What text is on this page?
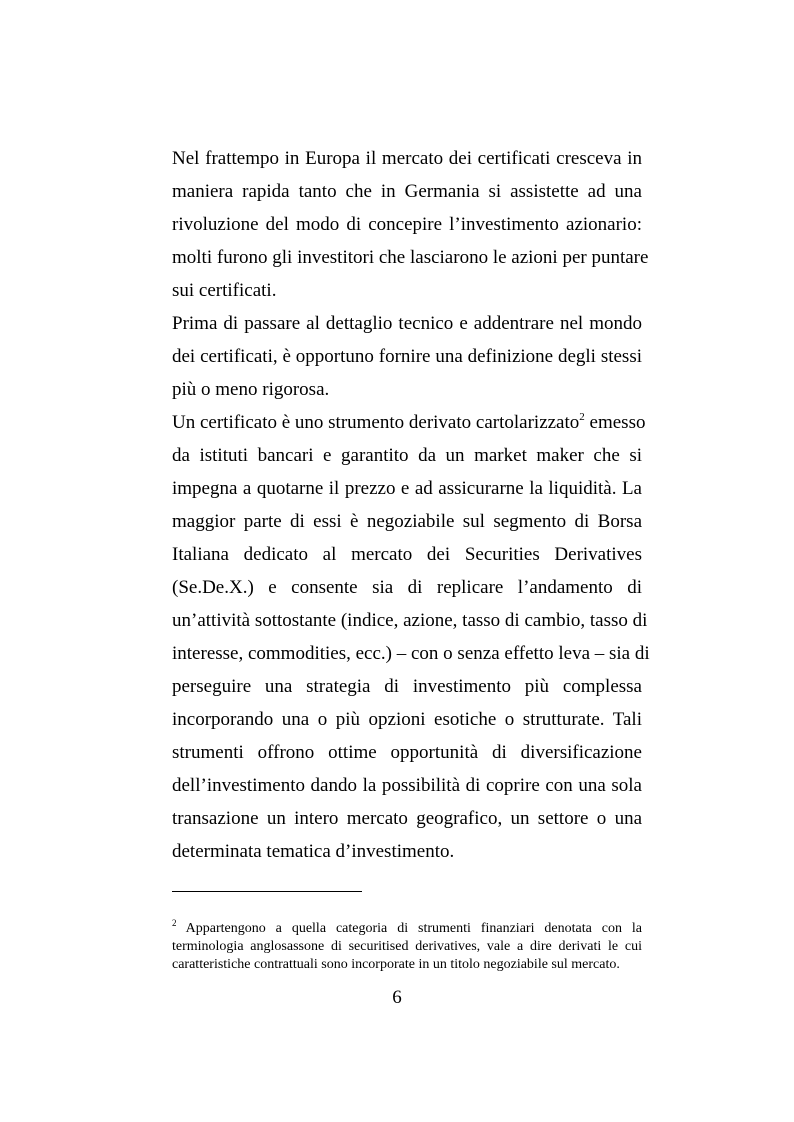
Nel frattempo in Europa il mercato dei certificati cresceva in
maniera rapida tanto che in Germania si assistette ad una
rivoluzione del modo di concepire l’investimento azionario:
molti furono gli investitori che lasciarono le azioni per puntare
sui certificati.
Prima di passare al dettaglio tecnico e addentrare nel mondo
dei certificati, è opportuno fornire una definizione degli stessi
più o meno rigorosa.
Un certificato è uno strumento derivato cartolarizzato$^2$ emesso
da istituti bancari e garantito da un market maker che si
impegna a quotarne il prezzo e ad assicurarne la liquidità. La
maggior parte di essi è negoziabile sul segmento di Borsa
Italiana dedicato al mercato dei Securities Derivatives
(Se.De.X.) e consente sia di replicare l’andamento di
un’attività sottostante (indice, azione, tasso di cambio, tasso di
interesse, commodities, ecc.) – con o senza effetto leva – sia di
perseguire una strategia di investimento più complessa
incorporando una o più opzioni esotiche o strutturate. Tali
strumenti offrono ottime opportunità di diversificazione
dell’investimento dando la possibilità di coprire con una sola
transazione un intero mercato geografico, un settore o una
determinata tematica d’investimento.
$^2$ Appartengono a quella categoria di strumenti finanziari denotata con la
terminologia anglosassone di securitised derivatives, vale a dire derivati le cui
caratteristiche contrattuali sono incorporate in un titolo negoziabile sul mercato.
6
